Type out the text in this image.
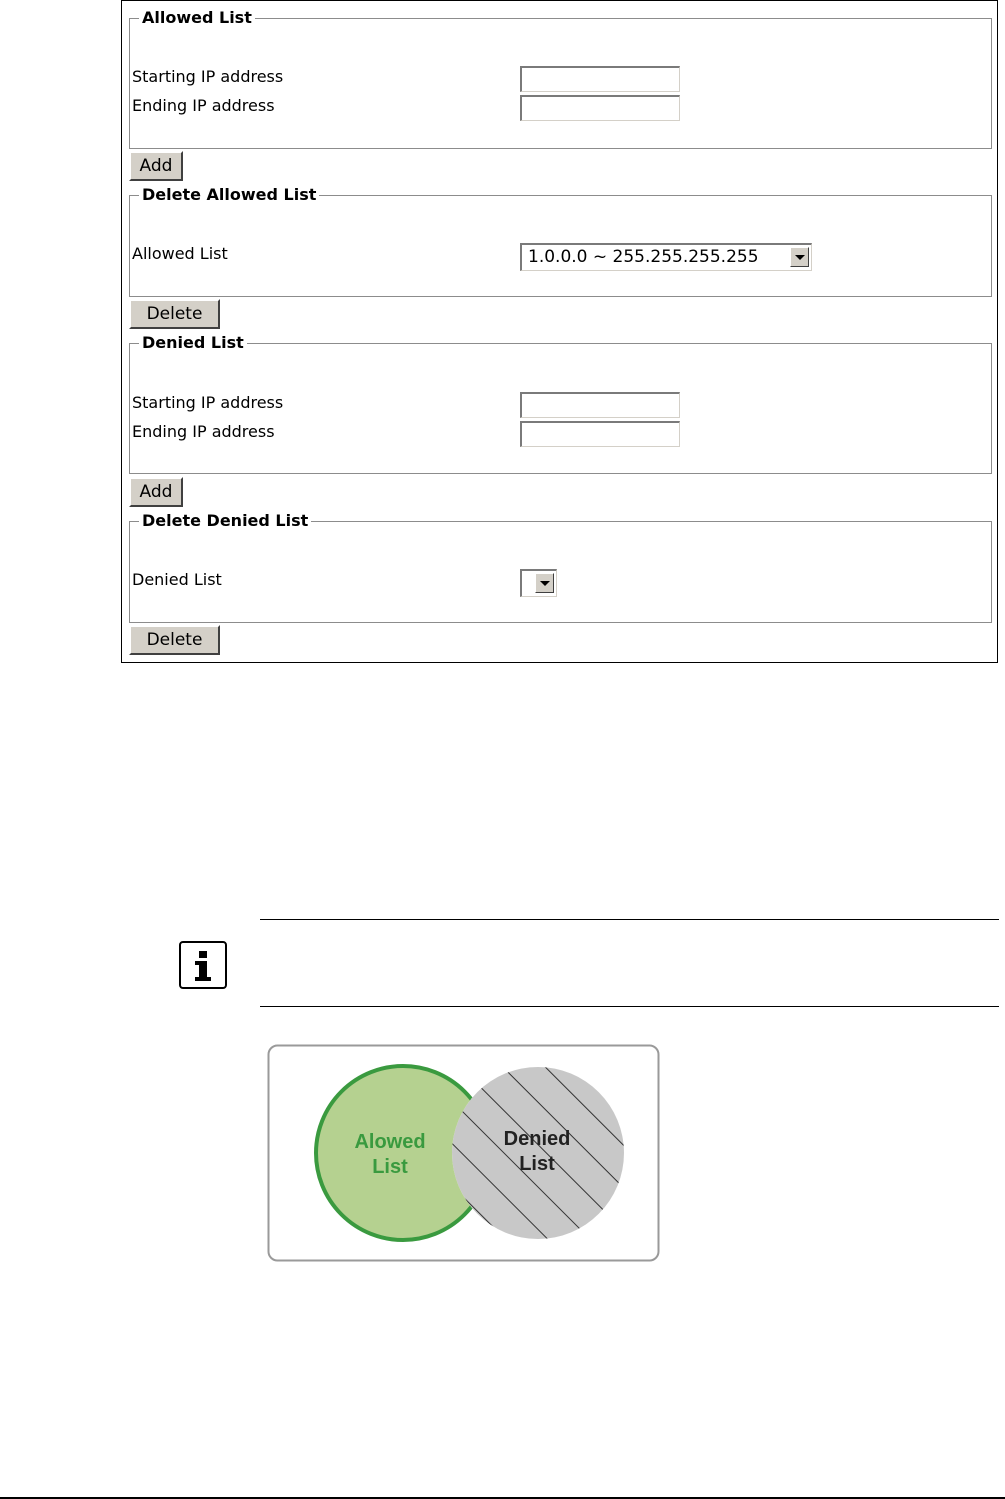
Allowed List
Starting IP address
Ending IP address
Add
Delete Allowed List
Allowed List	1.0.0.0 ~ 255.255.255.255
Delete
Denied List
Starting IP address
Ending IP address
Add
Delete Denied List
Denied List
Delete
Alowed
List
Denied
List
